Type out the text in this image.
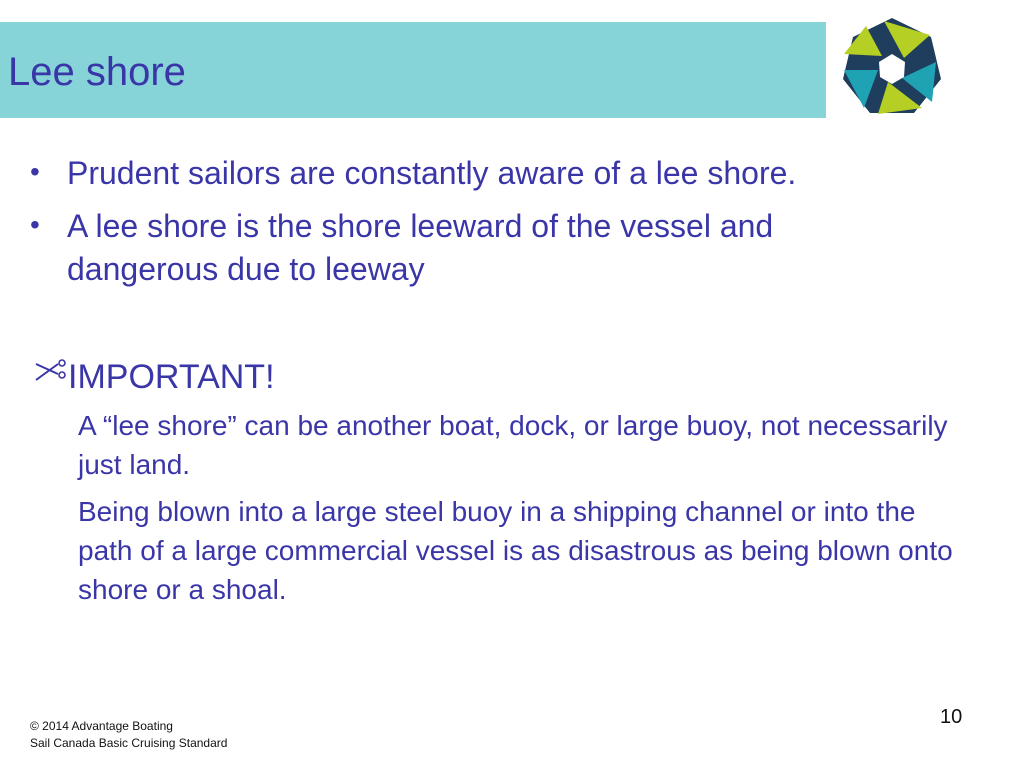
Lee shore
• Prudent sailors are constantly aware of a lee shore.
• A lee shore is the shore leeward of the vessel and dangerous due to leeway
IMPORTANT!
A “lee shore” can be another boat, dock, or large buoy, not necessarily just land.
Being blown into a large steel buoy in a shipping channel or into the path of a large commercial vessel is as disastrous as being blown onto shore or a shoal.
© 2014 Advantage Boating
Sail Canada Basic Cruising Standard
10
